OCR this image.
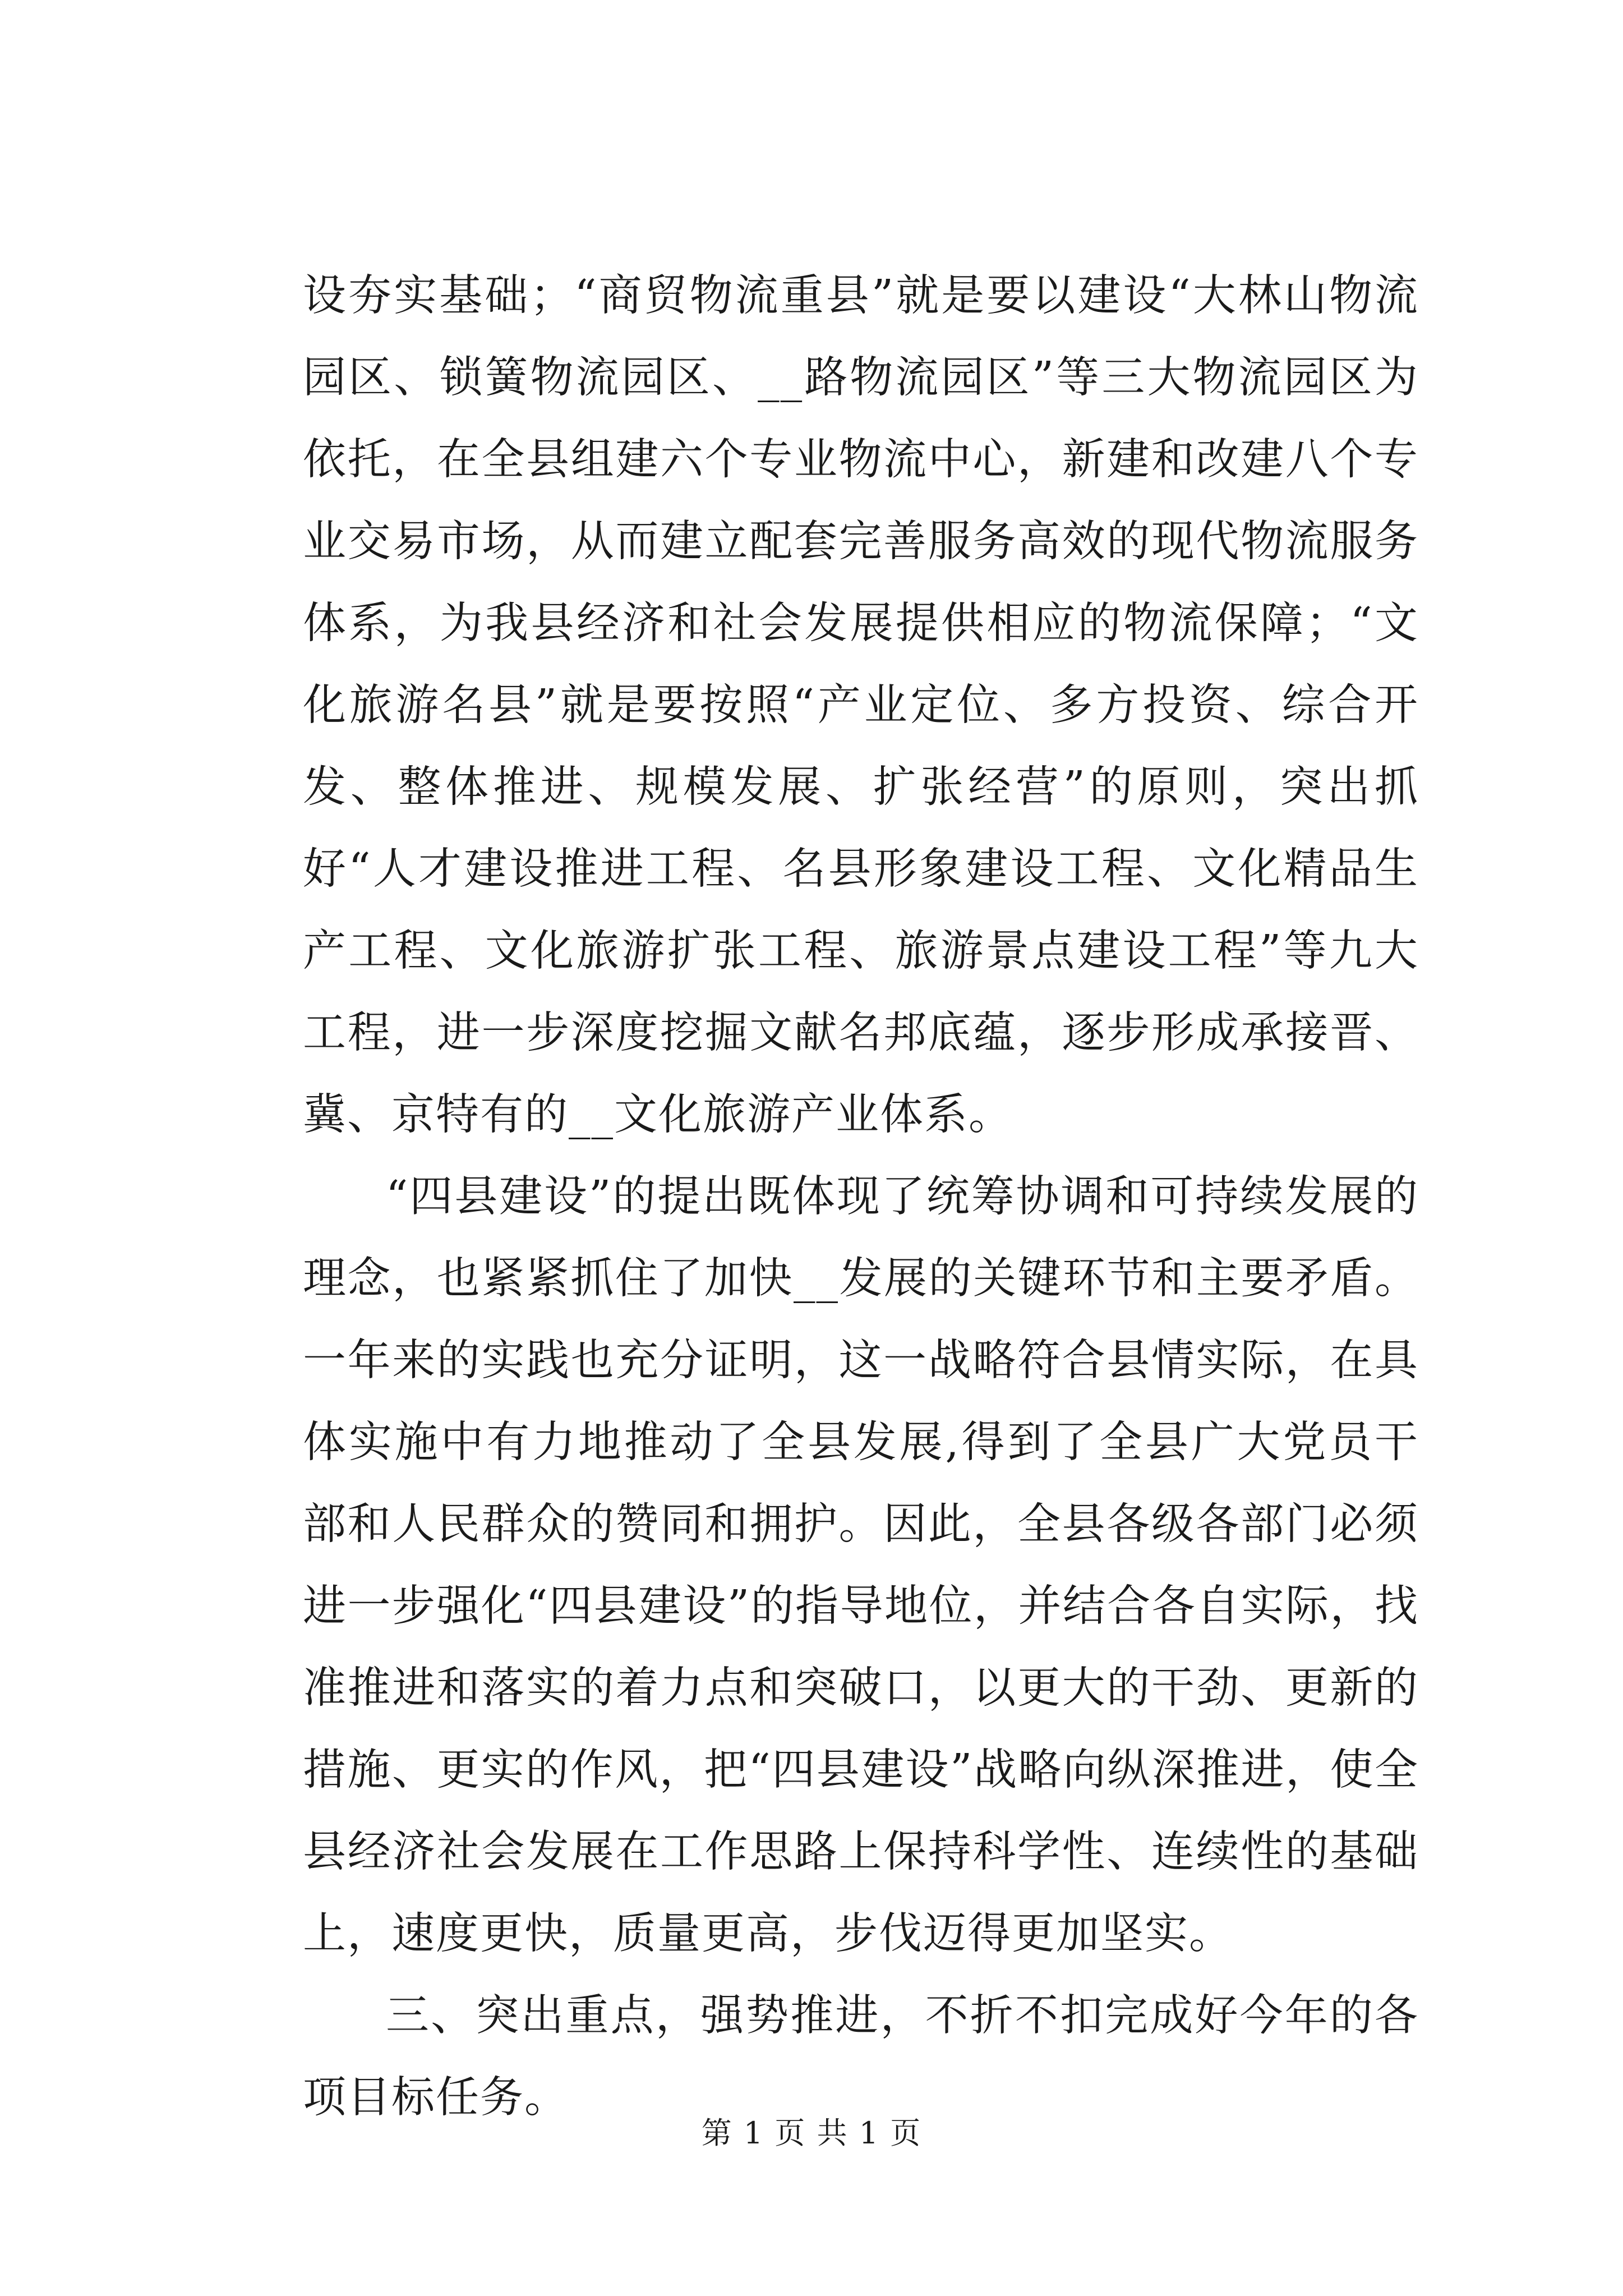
设夯实基础；“商贸物流重县”就是要以建设“大林山物流园区、锁簧物流园区、__路物流园区”等三大物流园区为依托，在全县组建六个专业物流中心，新建和改建八个专业交易市场，从而建立配套完善服务高效的现代物流服务体系，为我县经济和社会发展提供相应的物流保障；“文化旅游名县”就是要按照“产业定位、多方投资、综合开发、整体推进、规模发展、扩张经营”的原则，突出抓好“人才建设推进工程、名县形象建设工程、文化精品生产工程、文化旅游扩张工程、旅游景点建设工程”等九大工程，进一步深度挖掘文献名邦底蕴，逐步形成承接晋、冀、京特有的__文化旅游产业体系。

“四县建设”的提出既体现了统筹协调和可持续发展的理念，也紧紧抓住了加快__发展的关键环节和主要矛盾。一年来的实践也充分证明，这一战略符合县情实际，在具体实施中有力地推动了全县发展,得到了全县广大党员干部和人民群众的赞同和拥护。因此，全县各级各部门必须进一步强化“四县建设”的指导地位，并结合各自实际，找准推进和落实的着力点和突破口，以更大的干劲、更新的措施、更实的作风，把“四县建设”战略向纵深推进，使全县经济社会发展在工作思路上保持科学性、连续性的基础上，速度更快，质量更高，步伐迈得更加坚实。

三、突出重点，强势推进，不折不扣完成好今年的各项目标任务。

第 1 页 共 1 页
